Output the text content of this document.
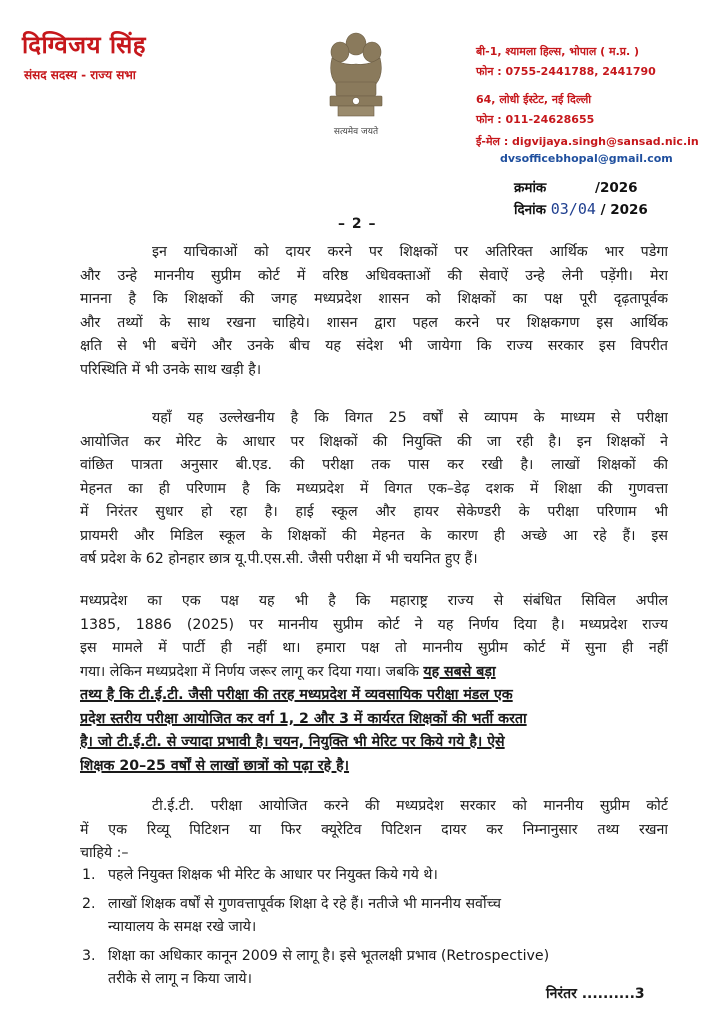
दिग्विजय सिंह
संसद सदस्य - राज्य सभा
सत्यमेव जयते
बी-1, श्यामला हिल्स, भोपाल ( म.प्र. )
फोन : 0755-2441788, 2441790
64, लोधी ईस्टेट, नई दिल्ली
फोन : 011-24628655
ई-मेल : digvijaya.singh@sansad.nic.in
dvsofficebhopal@gmail.com
क्रमांक	/2026
दिनांक 03/04 / 2026
– 2 –
इन याचिकाओं को दायर करने पर शिक्षकों पर अतिरिक्त आर्थिक भार पडेगा
और उन्हे माननीय सुप्रीम कोर्ट में वरिष्ठ अधिवक्ताओं की सेवाऐं उन्हे लेनी पड़ेंगी। मेरा
मानना है कि शिक्षकों की जगह मध्यप्रदेश शासन को शिक्षकों का पक्ष पूरी दृढ़तापूर्वक
और तथ्यों के साथ रखना चाहिये। शासन द्वारा पहल करने पर शिक्षकगण इस आर्थिक
क्षति से भी बचेंगे और उनके बीच यह संदेश भी जायेगा कि राज्य सरकार इस विपरीत
परिस्थिति में भी उनके साथ खड़ी है।
यहाँ यह उल्लेखनीय है कि विगत 25 वर्षों से व्यापम के माध्यम से परीक्षा
आयोजित कर मेरिट के आधार पर शिक्षकों की नियुक्ति की जा रही है। इन शिक्षकों ने
वांछित पात्रता अनुसार बी.एड. की परीक्षा तक पास कर रखी है। लाखों शिक्षकों की
मेहनत का ही परिणाम है कि मध्यप्रदेश में विगत एक–डेढ़ दशक में शिक्षा की गुणवत्ता
में निरंतर सुधार हो रहा है। हाई स्कूल और हायर सेकेण्डरी के परीक्षा परिणाम भी
प्रायमरी और मिडिल स्कूल के शिक्षकों की मेहनत के कारण ही अच्छे आ रहे हैं। इस
वर्ष प्रदेश के 62 होनहार छात्र यू.पी.एस.सी. जैसी परीक्षा में भी चयनित हुए हैं।
मध्यप्रदेश का एक पक्ष यह भी है कि महाराष्ट्र राज्य से संबंधित सिविल अपील
1385, 1886 (2025) पर माननीय सुप्रीम कोर्ट ने यह निर्णय दिया है। मध्यप्रदेश राज्य
इस मामले में पार्टी ही नहीं था। हमारा पक्ष तो माननीय सुप्रीम कोर्ट में सुना ही नहीं
गया। लेकिन मध्यप्रदेशा में निर्णय जरूर लागू कर दिया गया। जबकि यह सबसे बड़ा
तथ्य है कि टी.ई.टी. जैसी परीक्षा की तरह मध्यप्रदेश में व्यवसायिक परीक्षा मंडल एक
प्रदेश स्तरीय परीक्षा आयोजित कर वर्ग 1, 2 और 3 में कार्यरत शिक्षकों की भर्ती करता
है। जो टी.ई.टी. से ज्यादा प्रभावी है। चयन, नियुक्ति भी मेरिट पर किये गये है। ऐसे
शिक्षक 20–25 वर्षों से लाखों छात्रों को पढ़ा रहे है।
टी.ई.टी. परीक्षा आयोजित करने की मध्यप्रदेश सरकार को माननीय सुप्रीम कोर्ट
में एक रिव्यू पिटिशन या फिर क्यूरेटिव पिटिशन दायर कर निम्नानुसार तथ्य रखना
चाहिये :–
1. पहले नियुक्त शिक्षक भी मेरिट के आधार पर नियुक्त किये गये थे।
2. लाखों शिक्षक वर्षों से गुणवत्तापूर्वक शिक्षा दे रहे हैं। नतीजे भी माननीय सर्वोच्च
न्यायालय के समक्ष रखे जाये।
3. शिक्षा का अधिकार कानून 2009 से लागू है। इसे भूतलक्षी प्रभाव (Retrospective)
तरीके से लागू न किया जाये।
निरंतर ..........3
